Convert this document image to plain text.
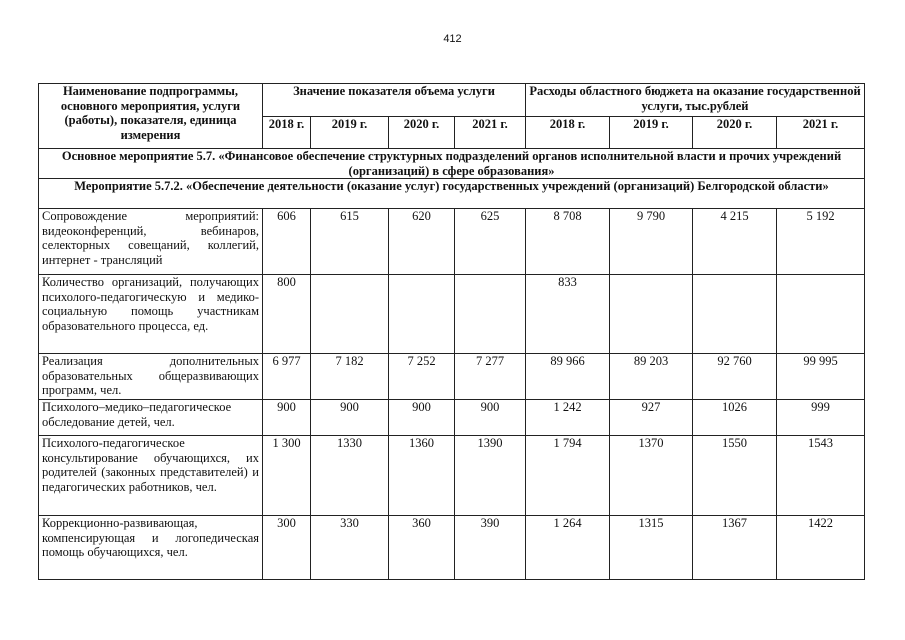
412
Наименование подпрограммы, основного мероприятия, услуги (работы), показателя, единица измерения	Значение показателя объема услуги				Расходы областного бюджета на оказание государственной услуги, тыс.рублей			
	2018 г.	2019 г.	2020 г.	2021 г.	2018 г.	2019 г.	2020 г.	2021 г.
Основное мероприятие 5.7. «Финансовое обеспечение структурных подразделений органов исполнительной власти и прочих учреждений (организаций) в сфере образования»								
Мероприятие 5.7.2. «Обеспечение деятельности (оказание услуг) государственных учреждений (организаций) Белгородской области»								
Сопровождение мероприятий: видеоконференций, вебинаров, селекторных совещаний, коллегий, интернет - трансляций	606	615	620	625	8 708	9 790	4 215	5 192
Количество организаций, получающих психолого-педагогическую и медико-социальную помощь участникам образовательного процесса, ед.	800				833			
Реализация дополнительных образовательных общеразвивающих программ, чел.	6 977	7 182	7 252	7 277	89 966	89 203	92 760	99 995
Психолого–медико–педагогическое обследование детей, чел.	900	900	900	900	1 242	927	1026	999
Психолого-педагогическое консультирование обучающихся, их родителей (законных представителей) и педагогических работников, чел.	1 300	1330	1360	1390	1 794	1370	1550	1543
Коррекционно-развивающая, компенсирующая и логопедическая помощь обучающихся, чел.	300	330	360	390	1 264	1315	1367	1422
